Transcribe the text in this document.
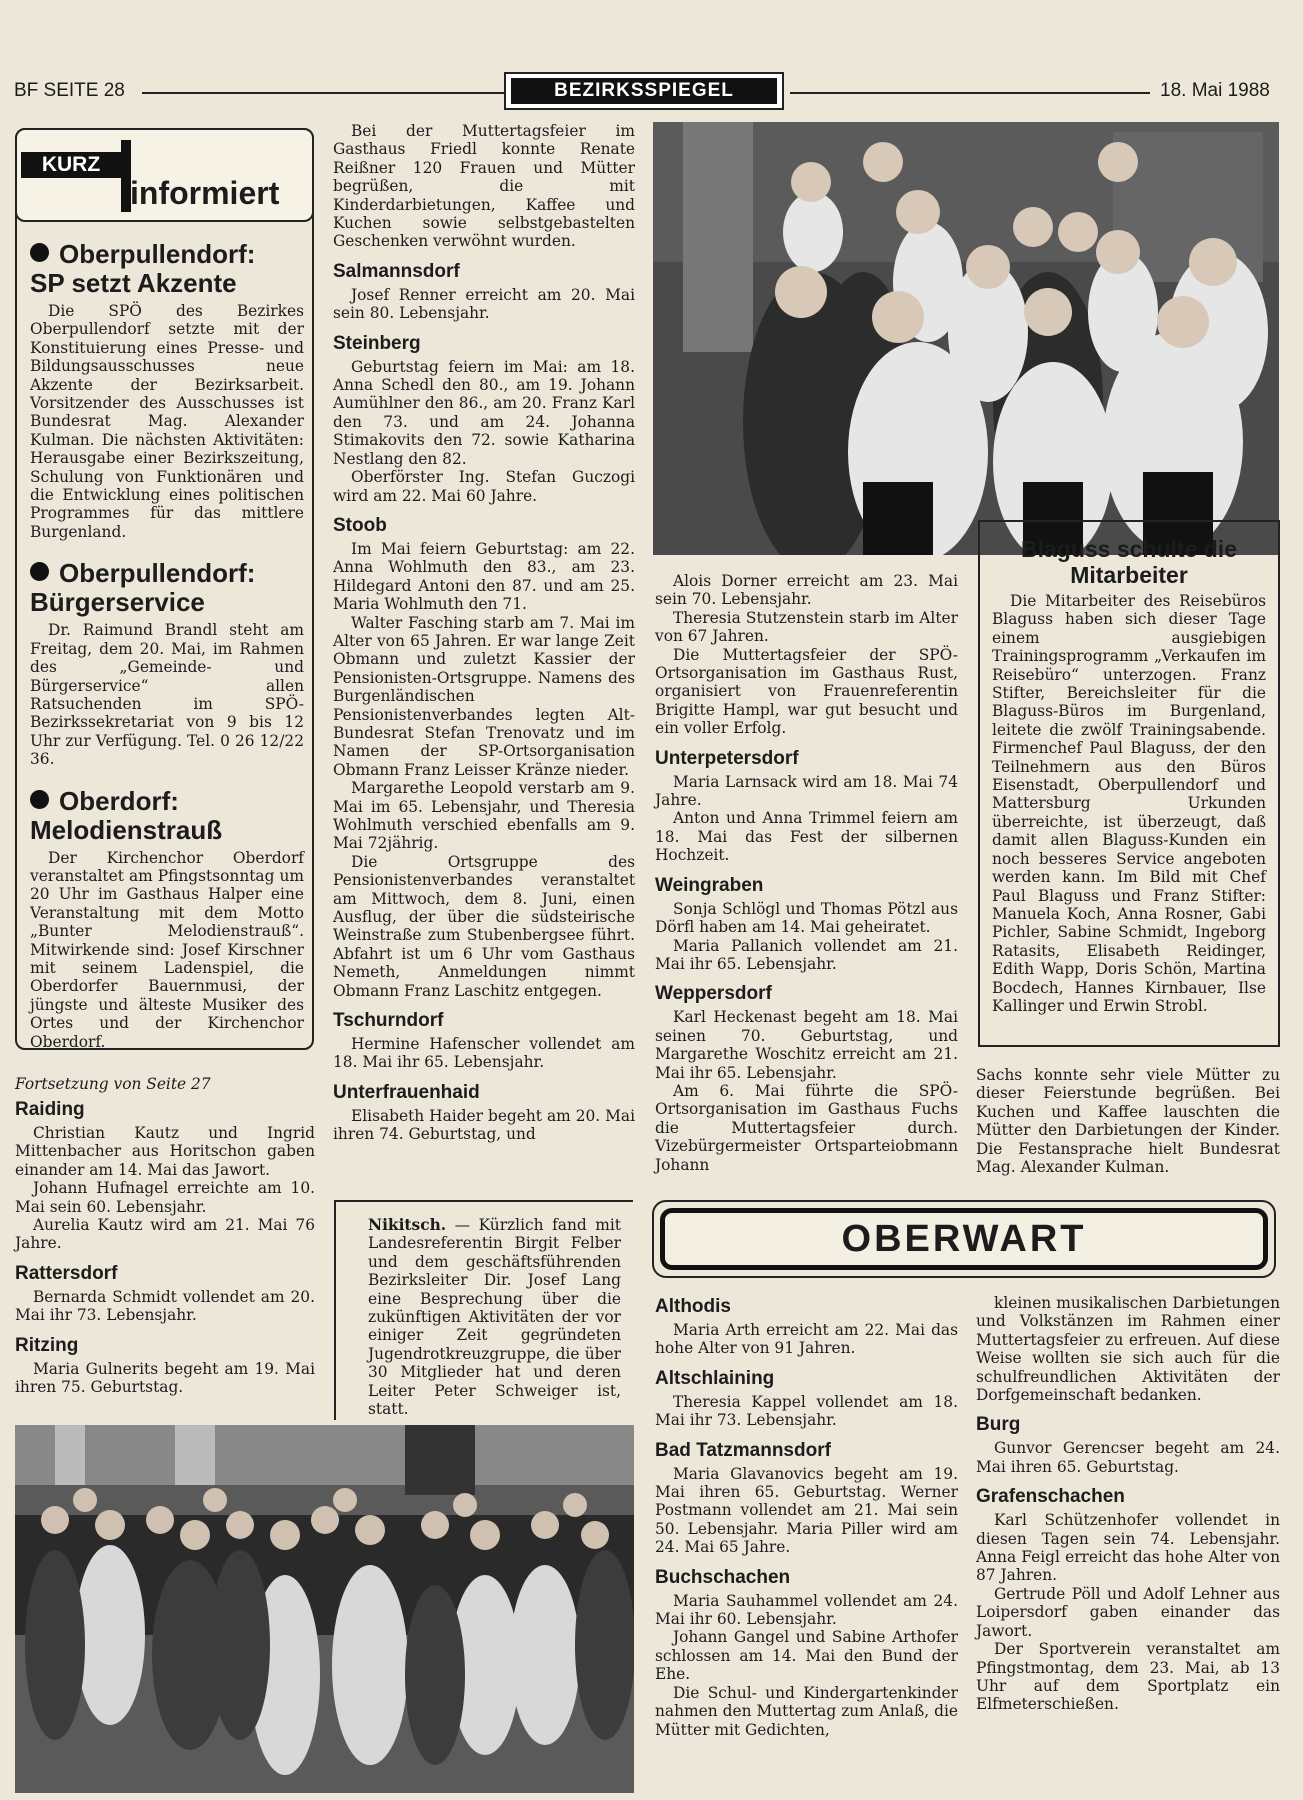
BF SEITE 28	BEZIRKSSPIEGEL	18. Mai 1988
KURZ
informiert
Oberpullendorf:
SP setzt Akzente
Die SPÖ des Bezirkes Oberpullendorf setzte mit der Konstituierung eines Presse- und Bildungsausschusses neue Akzente der Bezirksarbeit. Vorsitzender des Ausschusses ist Bundesrat Mag. Alexander Kulman. Die nächsten Aktivitäten: Herausgabe einer Bezirkszeitung, Schulung von Funktionären und die Entwicklung eines politischen Programmes für das mittlere Burgenland.
Oberpullendorf:
Bürgerservice
Dr. Raimund Brandl steht am Freitag, dem 20. Mai, im Rahmen des „Gemeinde- und Bürgerservice“ allen Ratsuchenden im SPÖ-Bezirkssekretariat von 9 bis 12 Uhr zur Verfügung. Tel. 0 26 12/22 36.
Oberdorf:
Melodienstrauß
Der Kirchenchor Oberdorf veranstaltet am Pfingstsonntag um 20 Uhr im Gasthaus Halper eine Veranstaltung mit dem Motto „Bunter Melodienstrauß“. Mitwirkende sind: Josef Kirschner mit seinem Ladenspiel, die Oberdorfer Bauernmusi, der jüngste und älteste Musiker des Ortes und der Kirchenchor Oberdorf.
Fortsetzung von Seite 27
Raiding

Christian Kautz und Ingrid Mittenbacher aus Horitschon gaben einander am 14. Mai das Jawort.

Johann Hufnagel erreichte am 10. Mai sein 60. Lebensjahr.

Aurelia Kautz wird am 21. Mai 76 Jahre.

Rattersdorf

Bernarda Schmidt vollendet am 20. Mai ihr 73. Lebensjahr.

Ritzing

Maria Gulnerits begeht am 19. Mai ihren 75. Geburtstag.

Bei der Muttertagsfeier im Gasthaus Friedl konnte Renate Reißner 120 Frauen und Mütter begrüßen, die mit Kinderdarbietungen, Kaffee und Kuchen sowie selbstgebastelten Geschenken verwöhnt wurden.

Salmannsdorf

Josef Renner erreicht am 20. Mai sein 80. Lebensjahr.

Steinberg

Geburtstag feiern im Mai: am 18. Anna Schedl den 80., am 19. Johann Aumühlner den 86., am 20. Franz Karl den 73. und am 24. Johanna Stimakovits den 72. sowie Katharina Nestlang den 82.

Oberförster Ing. Stefan Guczogi wird am 22. Mai 60 Jahre.

Stoob

Im Mai feiern Geburtstag: am 22. Anna Wohlmuth den 83., am 23. Hildegard Antoni den 87. und am 25. Maria Wohlmuth den 71.

Walter Fasching starb am 7. Mai im Alter von 65 Jahren. Er war lange Zeit Obmann und zuletzt Kassier der Pensionisten-Ortsgruppe. Namens des Burgenländischen Pensionistenverbandes legten Alt-Bundesrat Stefan Trenovatz und im Namen der SP-Ortsorganisation Obmann Franz Leisser Kränze nieder.

Margarethe Leopold verstarb am 9. Mai im 65. Lebensjahr, und Theresia Wohlmuth verschied ebenfalls am 9. Mai 72jährig.

Die Ortsgruppe des Pensionistenverbandes veranstaltet am Mittwoch, dem 8. Juni, einen Ausflug, der über die südsteirische Weinstraße zum Stubenbergsee führt. Abfahrt ist um 6 Uhr vom Gasthaus Nemeth, Anmeldungen nimmt Obmann Franz Laschitz entgegen.

Tschurndorf

Hermine Hafenscher vollendet am 18. Mai ihr 65. Lebensjahr.

Unterfrauenhaid

Elisabeth Haider begeht am 20. Mai ihren 74. Geburtstag, und

Nikitsch. — Kürzlich fand mit Landesreferentin Birgit Felber und dem geschäftsführenden Bezirksleiter Dir. Josef Lang eine Besprechung über die zukünftigen Aktivitäten der vor einiger Zeit gegründeten Jugendrotkreuzgruppe, die über 30 Mitglieder hat und deren Leiter Peter Schweiger ist, statt.

Alois Dorner erreicht am 23. Mai sein 70. Lebensjahr.

Theresia Stutzenstein starb im Alter von 67 Jahren.

Die Muttertagsfeier der SPÖ-Ortsorganisation im Gasthaus Rust, organisiert von Frauenreferentin Brigitte Hampl, war gut besucht und ein voller Erfolg.

Unterpetersdorf

Maria Larnsack wird am 18. Mai 74 Jahre.

Anton und Anna Trimmel feiern am 18. Mai das Fest der silbernen Hochzeit.

Weingraben

Sonja Schlögl und Thomas Pötzl aus Dörfl haben am 14. Mai geheiratet.

Maria Pallanich vollendet am 21. Mai ihr 65. Lebensjahr.

Weppersdorf

Karl Heckenast begeht am 18. Mai seinen 70. Geburtstag, und Margarethe Woschitz erreicht am 21. Mai ihr 65. Lebensjahr.

Am 6. Mai führte die SPÖ-Ortsorganisation im Gasthaus Fuchs die Muttertagsfeier durch. Vizebürgermeister Ortsparteiobmann Johann

Blaguss schulte die Mitarbeiter
Die Mitarbeiter des Reisebüros Blaguss haben sich dieser Tage einem ausgiebigen Trainingsprogramm „Verkaufen im Reisebüro“ unterzogen. Franz Stifter, Bereichsleiter für die Blaguss-Büros im Burgenland, leitete die zwölf Trainingsabende. Firmenchef Paul Blaguss, der den Teilnehmern aus den Büros Eisenstadt, Oberpullendorf und Mattersburg Urkunden überreichte, ist überzeugt, daß damit allen Blaguss-Kunden ein noch besseres Service angeboten werden kann. Im Bild mit Chef Paul Blaguss und Franz Stifter: Manuela Koch, Anna Rosner, Gabi Pichler, Sabine Schmidt, Ingeborg Ratasits, Elisabeth Reidinger, Edith Wapp, Doris Schön, Martina Bocdech, Hannes Kirnbauer, Ilse Kallinger und Erwin Strobl.
Sachs konnte sehr viele Mütter zu dieser Feierstunde begrüßen. Bei Kuchen und Kaffee lauschten die Mütter den Darbietungen der Kinder. Die Festansprache hielt Bundesrat Mag. Alexander Kulman.
OBERWART
Althodis

Maria Arth erreicht am 22. Mai das hohe Alter von 91 Jahren.

Altschlaining

Theresia Kappel vollendet am 18. Mai ihr 73. Lebensjahr.

Bad Tatzmannsdorf

Maria Glavanovics begeht am 19. Mai ihren 65. Geburtstag. Werner Postmann vollendet am 21. Mai sein 50. Lebensjahr. Maria Piller wird am 24. Mai 65 Jahre.

Buchschachen

Maria Sauhammel vollendet am 24. Mai ihr 60. Lebensjahr.

Johann Gangel und Sabine Arthofer schlossen am 14. Mai den Bund der Ehe.

Die Schul- und Kindergartenkinder nahmen den Muttertag zum Anlaß, die Mütter mit Gedichten,

kleinen musikalischen Darbietungen und Volkstänzen im Rahmen einer Muttertagsfeier zu erfreuen. Auf diese Weise wollten sie sich auch für die schulfreundlichen Aktivitäten der Dorfgemeinschaft bedanken.

Burg

Gunvor Gerencser begeht am 24. Mai ihren 65. Geburtstag.

Grafenschachen

Karl Schützenhofer vollendet in diesen Tagen sein 74. Lebensjahr. Anna Feigl erreicht das hohe Alter von 87 Jahren.

Gertrude Pöll und Adolf Lehner aus Loipersdorf gaben einander das Jawort.

Der Sportverein veranstaltet am Pfingstmontag, dem 23. Mai, ab 13 Uhr auf dem Sportplatz ein Elfmeterschießen.
